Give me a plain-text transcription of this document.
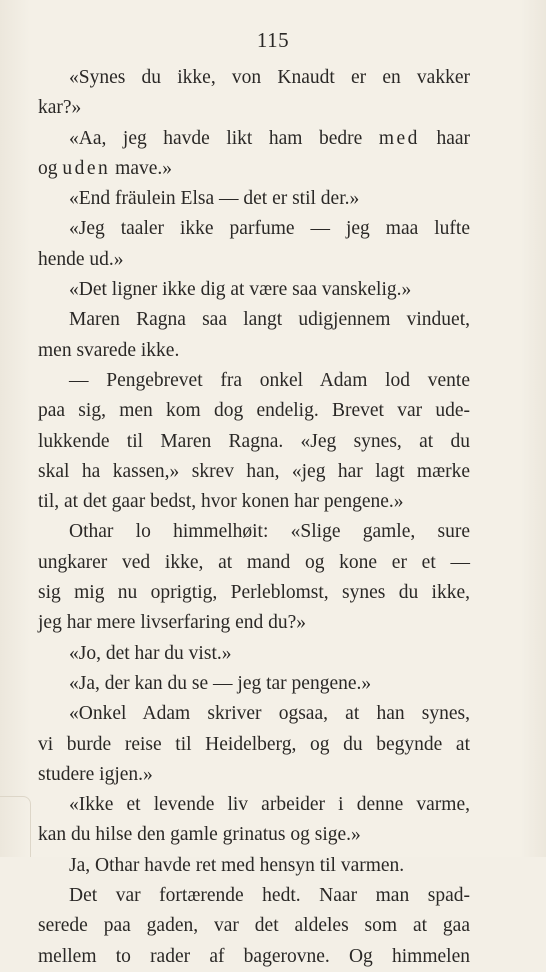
115
«Synes du ikke, von Knaudt er en vakker
kar?»
«Aa, jeg havde likt ham bedre med haar
og uden mave.»
«End fräulein Elsa — det er stil der.»
«Jeg taaler ikke parfume — jeg maa lufte
hende ud.»
«Det ligner ikke dig at være saa vanskelig.»
Maren Ragna saa langt udigjennem vinduet,
men svarede ikke.
— Pengebrevet fra onkel Adam lod vente
paa sig, men kom dog endelig. Brevet var ude-
lukkende til Maren Ragna. «Jeg synes, at du
skal ha kassen,» skrev han, «jeg har lagt mærke
til, at det gaar bedst, hvor konen har pengene.»
Othar lo himmelhøit: «Slige gamle, sure
ungkarer ved ikke, at mand og kone er et —
sig mig nu oprigtig, Perleblomst, synes du ikke,
jeg har mere livserfaring end du?»
«Jo, det har du vist.»
«Ja, der kan du se — jeg tar pengene.»
«Onkel Adam skriver ogsaa, at han synes,
vi burde reise til Heidelberg, og du begynde at
studere igjen.»
«Ikke et levende liv arbeider i denne varme,
kan du hilse den gamle grinatus og sige.»
Ja, Othar havde ret med hensyn til varmen.
Det var fortærende hedt. Naar man spad-
serede paa gaden, var det aldeles som at gaa
mellem to rader af bagerovne. Og himmelen
